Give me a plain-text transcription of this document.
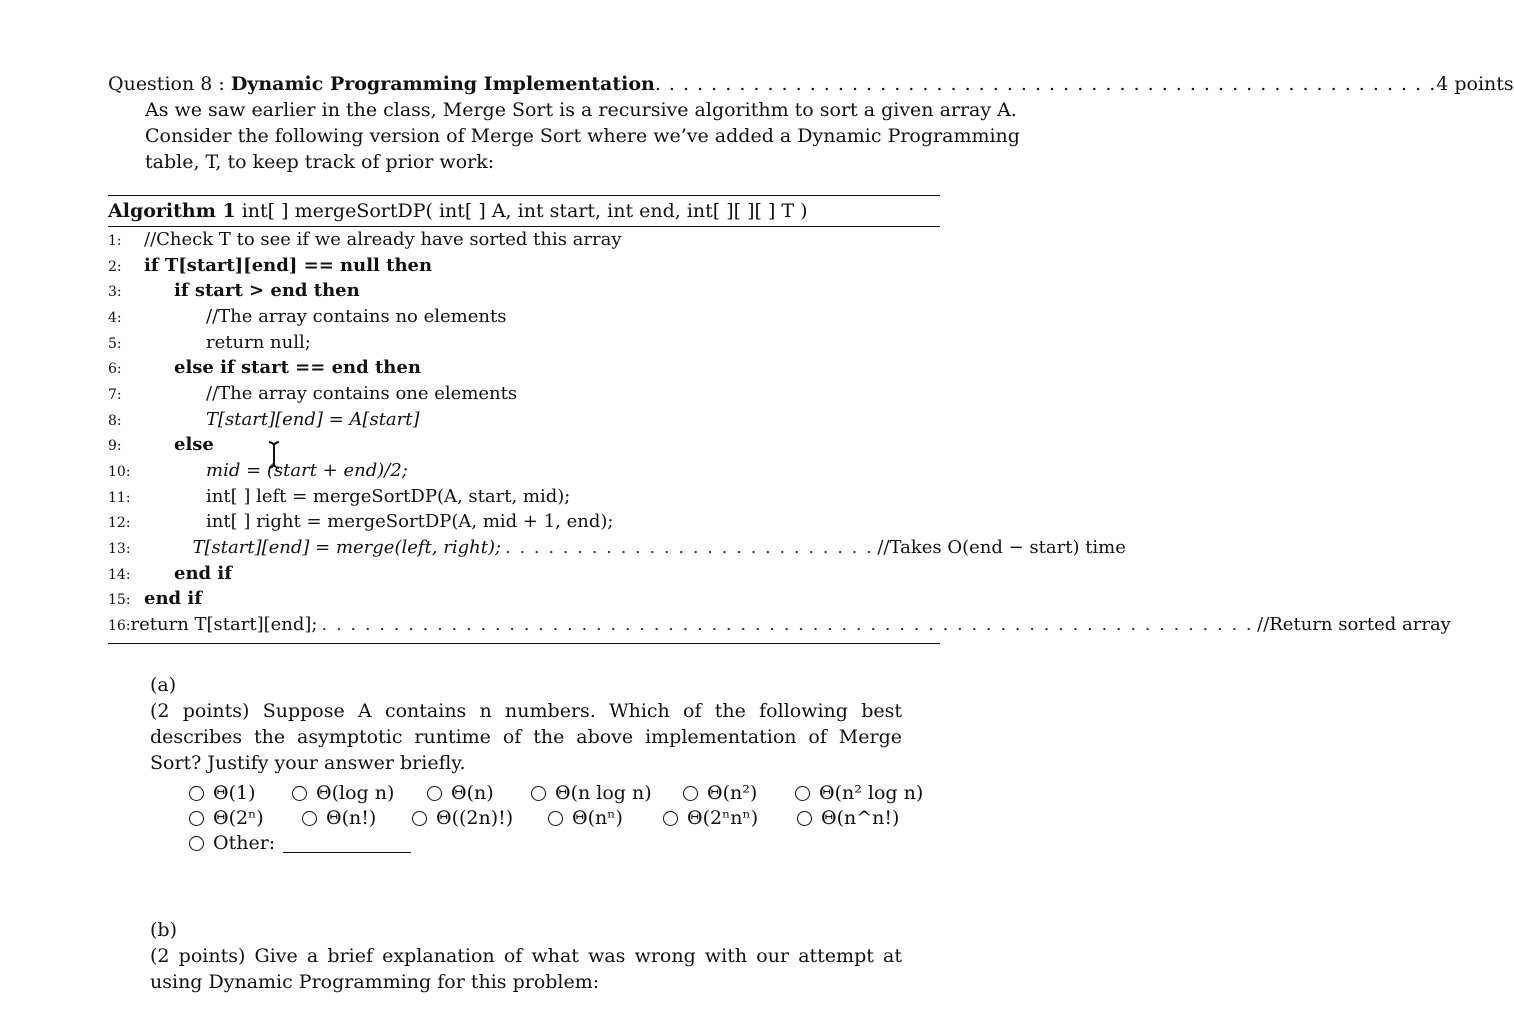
Question 8 :
Dynamic Programming Implementation . . . . . . . . . . . . . . . . . . . . . . . . . . . . . . . . . . . . . . . . . . . . . . . . . . . . . . . . 4 points
As we saw earlier in the class, Merge Sort is a recursive algorithm to sort a given array A.
Consider the following version of Merge Sort where we’ve added a Dynamic Programming
table, T, to keep track of prior work:
Algorithm 1 int[ ] mergeSortDP( int[ ] A, int start, int end, int[ ][ ][ ] T )
1:	//Check T to see if we already have sorted this array
2:	if T[start][end] == null then
3:	if start > end then
4:	//The array contains no elements
5:	return null;
6:	else if start == end then
7:	//The array contains one elements
8:	T[start][end] = A[start]
9:	else
10:	mid = (start + end)/2;
11:	int[ ] left = mergeSortDP(A, start, mid);
12:	int[ ] right = mergeSortDP(A, mid + 1, end);
13:	T[start][end] = merge(left, right); . . . . . . . . . . . . . . . . . . . . . . . . . . //Takes O(end − start) time
14:	end if
15: end if
16: return T[start][end]; . . . . . . . . . . . . . . . . . . . . . . . . . . . . . . . . . . . . . . . . . . . . . . . . . . . . . . . . . . . . . . . . . //Return sorted array
(a)(2 points) Suppose A contains n numbers. Which of the following best describes the asymptotic runtime of the above implementation of Merge Sort? Justify your answer briefly.
Θ(1)	Θ(log n)	Θ(n)	Θ(n log n)	Θ(n²)	Θ(n² log n)
Θ(2ⁿ)	Θ(n!)	Θ((2n)!)	Θ(nⁿ)	Θ(2ⁿnⁿ)	Θ(n^n!)
Other:
(b)(2 points) Give a brief explanation of what was wrong with our attempt at using Dynamic Programming for this problem:
